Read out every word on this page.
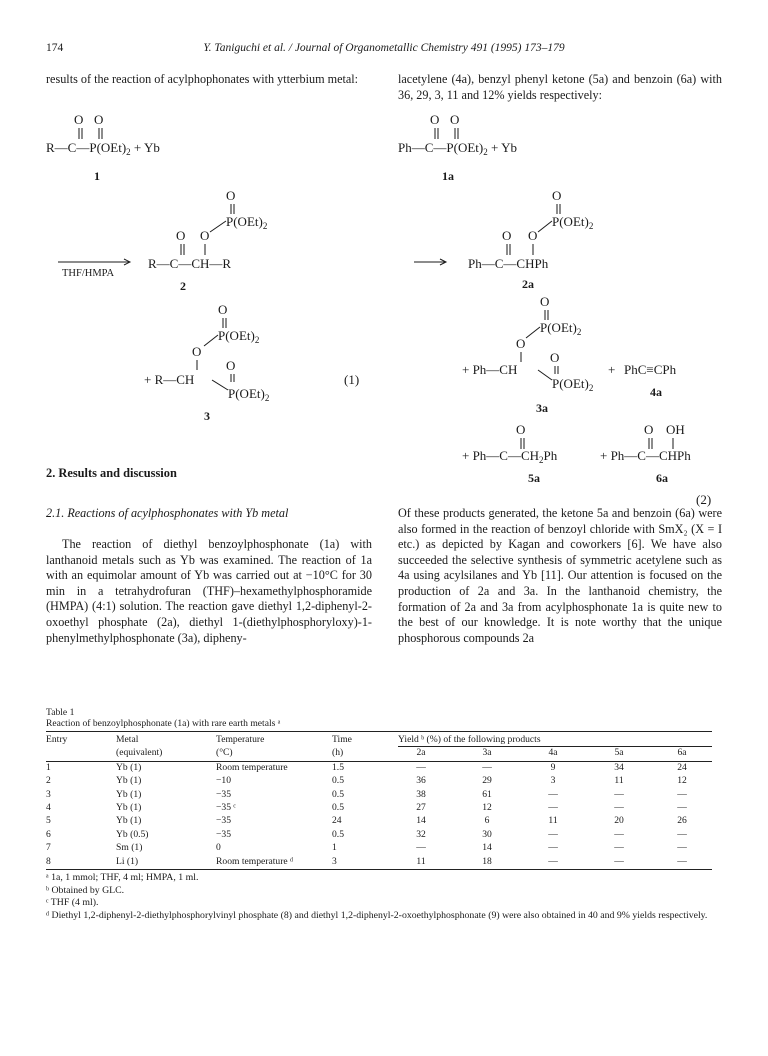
174	Y. Taniguchi et al. / Journal of Organometallic Chemistry 491 (1995) 173–179
results of the reaction of acylphophonates with ytterbium metal:	lacetylene (4a), benzyl phenyl ketone (5a) and benzoin (6a) with 36, 29, 3, 11 and 12% yields respectively:
O O
$R—C—P(OEt)_2 + Yb$
1
THF/HMPA
O
$P(OEt)_2$
O O
R—C—CH—R
2
O
$P(OEt)_2$
O
O
+ R—CH
$P(OEt)_2$
3
(1)
O O
$Ph—C—P(OEt)_2 + Yb$
1a
O
$P(OEt)_2$
O O
Ph—C—CHPh
2a
O
$P(OEt)_2$
O
O
+ Ph—CH
$P(OEt)_2$
3a
+ PhC≡CPh
4a
O
+ $Ph—C—CH_2Ph$
5a
O OH
+ Ph—C—CHPh
6a
(2)
2. Results and discussion
2.1. Reactions of acylphosphonates with Yb metal

The reaction of diethyl benzoylphosphonate (1a) with lanthanoid metals such as Yb was examined. The reaction of 1a with an equimolar amount of Yb was carried out at −10°C for 30 min in a tetrahydrofuran (THF)–hexamethylphosphoramide (HMPA) (4:1) solution. The reaction gave diethyl 1,2-diphenyl-2-oxoethyl phosphate (2a), diethyl 1-(diethylphosphoryloxy)-1-phenylmethylphosphonate (3a), dipheny-

Of these products generated, the ketone 5a and benzoin (6a) were also formed in the reaction of benzoyl chloride with SmX₂ (X = I etc.) as depicted by Kagan and coworkers [6]. We have also succeeded the selective synthesis of symmetric acetylene such as 4a using acylsilanes and Yb [11]. Our attention is focused on the production of 2a and 3a. In the lanthanoid chemistry, the formation of 2a and 3a from acylphosphonate 1a is quite new to the best of our knowledge. It is note worthy that the unique phosphorous compounds 2a

Table 1
Reaction of benzoylphosphonate (1a) with rare earth metals ᵃ
Entry	Metal	Temperature	Time	Yield ᵇ (%) of the following products				

	(equivalent)	(°C)	(h)	2a	3a	4a	5a	6a
1	Yb (1)	Room temperature	1.5	—	—	9	34	24
2	Yb (1)	−10	0.5	36	29	3	11	12
3	Yb (1)	−35	0.5	38	61	—	—	—
4	Yb (1)	−35 ᶜ	0.5	27	12	—	—	—
5	Yb (1)	−35	24	14	6	11	20	26
6	Yb (0.5)	−35	0.5	32	30	—	—	—
7	Sm (1)	0	1	—	14	—	—	—
8	Li (1)	Room temperature ᵈ	3	11	18	—	—	—
ᵃ 1a, 1 mmol; THF, 4 ml; HMPA, 1 ml.
ᵇ Obtained by GLC.
ᶜ THF (4 ml).
ᵈ Diethyl 1,2-diphenyl-2-diethylphosphorylvinyl phosphate (8) and diethyl 1,2-diphenyl-2-oxoethylphosphonate (9) were also obtained in 40 and 9% yields respectively.
